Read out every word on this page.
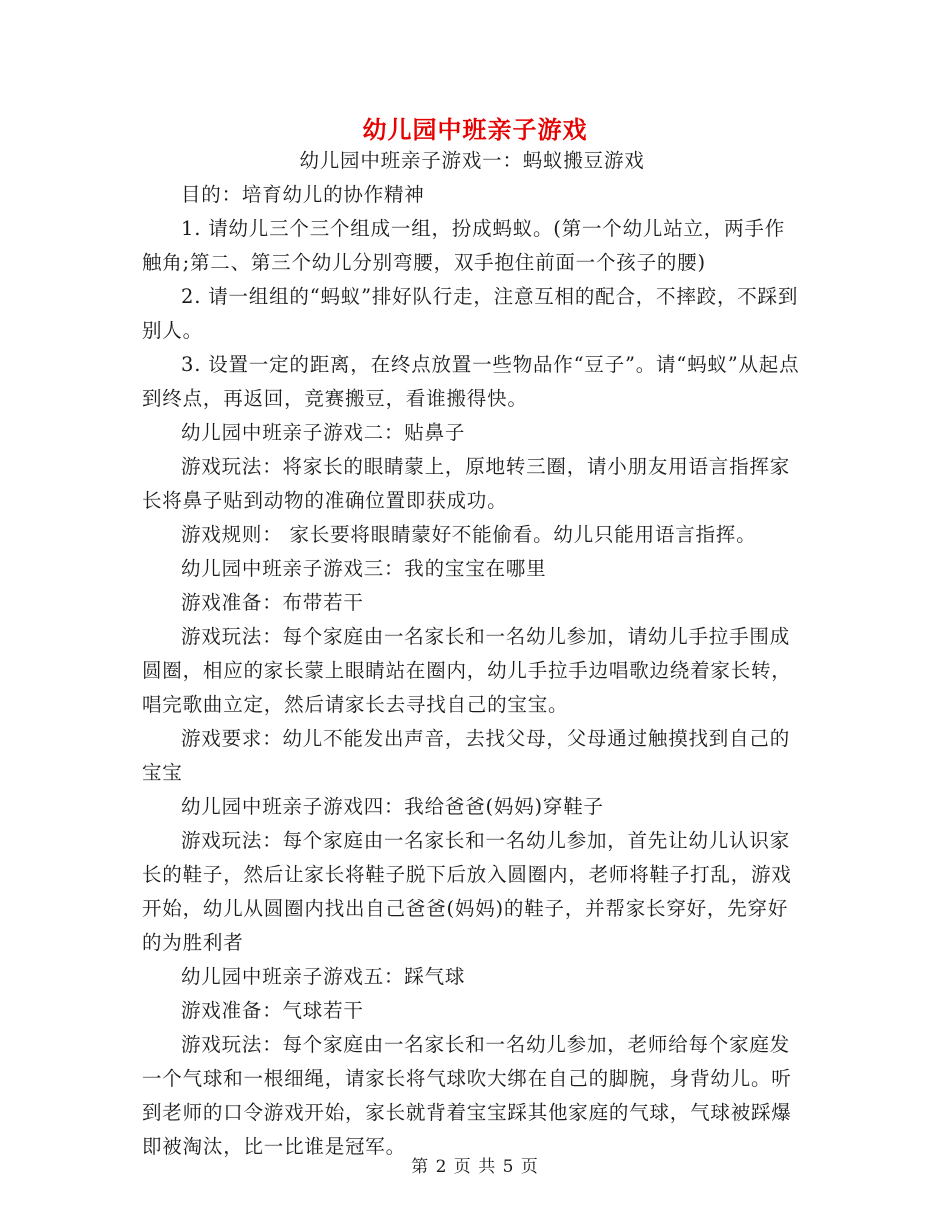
幼儿园中班亲子游戏

幼儿园中班亲子游戏一：蚂蚁搬豆游戏

目的：培育幼儿的协作精神

1. 请幼儿三个三个组成一组，扮成蚂蚁。(第一个幼儿站立，两手作触角;第二、第三个幼儿分别弯腰，双手抱住前面一个孩子的腰)

2. 请一组组的“蚂蚁”排好队行走，注意互相的配合，不摔跤，不踩到别人。

3. 设置一定的距离，在终点放置一些物品作“豆子”。请“蚂蚁”从起点到终点，再返回，竞赛搬豆，看谁搬得快。

幼儿园中班亲子游戏二：贴鼻子

游戏玩法：将家长的眼睛蒙上，原地转三圈，请小朋友用语言指挥家长将鼻子贴到动物的准确位置即获成功。

游戏规则： 家长要将眼睛蒙好不能偷看。幼儿只能用语言指挥。

幼儿园中班亲子游戏三：我的宝宝在哪里

游戏准备：布带若干

游戏玩法：每个家庭由一名家长和一名幼儿参加，请幼儿手拉手围成圆圈，相应的家长蒙上眼睛站在圈内，幼儿手拉手边唱歌边绕着家长转，唱完歌曲立定，然后请家长去寻找自己的宝宝。

游戏要求：幼儿不能发出声音，去找父母，父母通过触摸找到自己的宝宝

幼儿园中班亲子游戏四：我给爸爸(妈妈)穿鞋子

游戏玩法：每个家庭由一名家长和一名幼儿参加，首先让幼儿认识家长的鞋子，然后让家长将鞋子脱下后放入圆圈内，老师将鞋子打乱，游戏开始，幼儿从圆圈内找出自己爸爸(妈妈)的鞋子，并帮家长穿好，先穿好的为胜利者

幼儿园中班亲子游戏五：踩气球

游戏准备：气球若干

游戏玩法：每个家庭由一名家长和一名幼儿参加，老师给每个家庭发一个气球和一根细绳，请家长将气球吹大绑在自己的脚腕，身背幼儿。听到老师的口令游戏开始，家长就背着宝宝踩其他家庭的气球，气球被踩爆即被淘汰，比一比谁是冠军。

第 2 页 共 5 页
